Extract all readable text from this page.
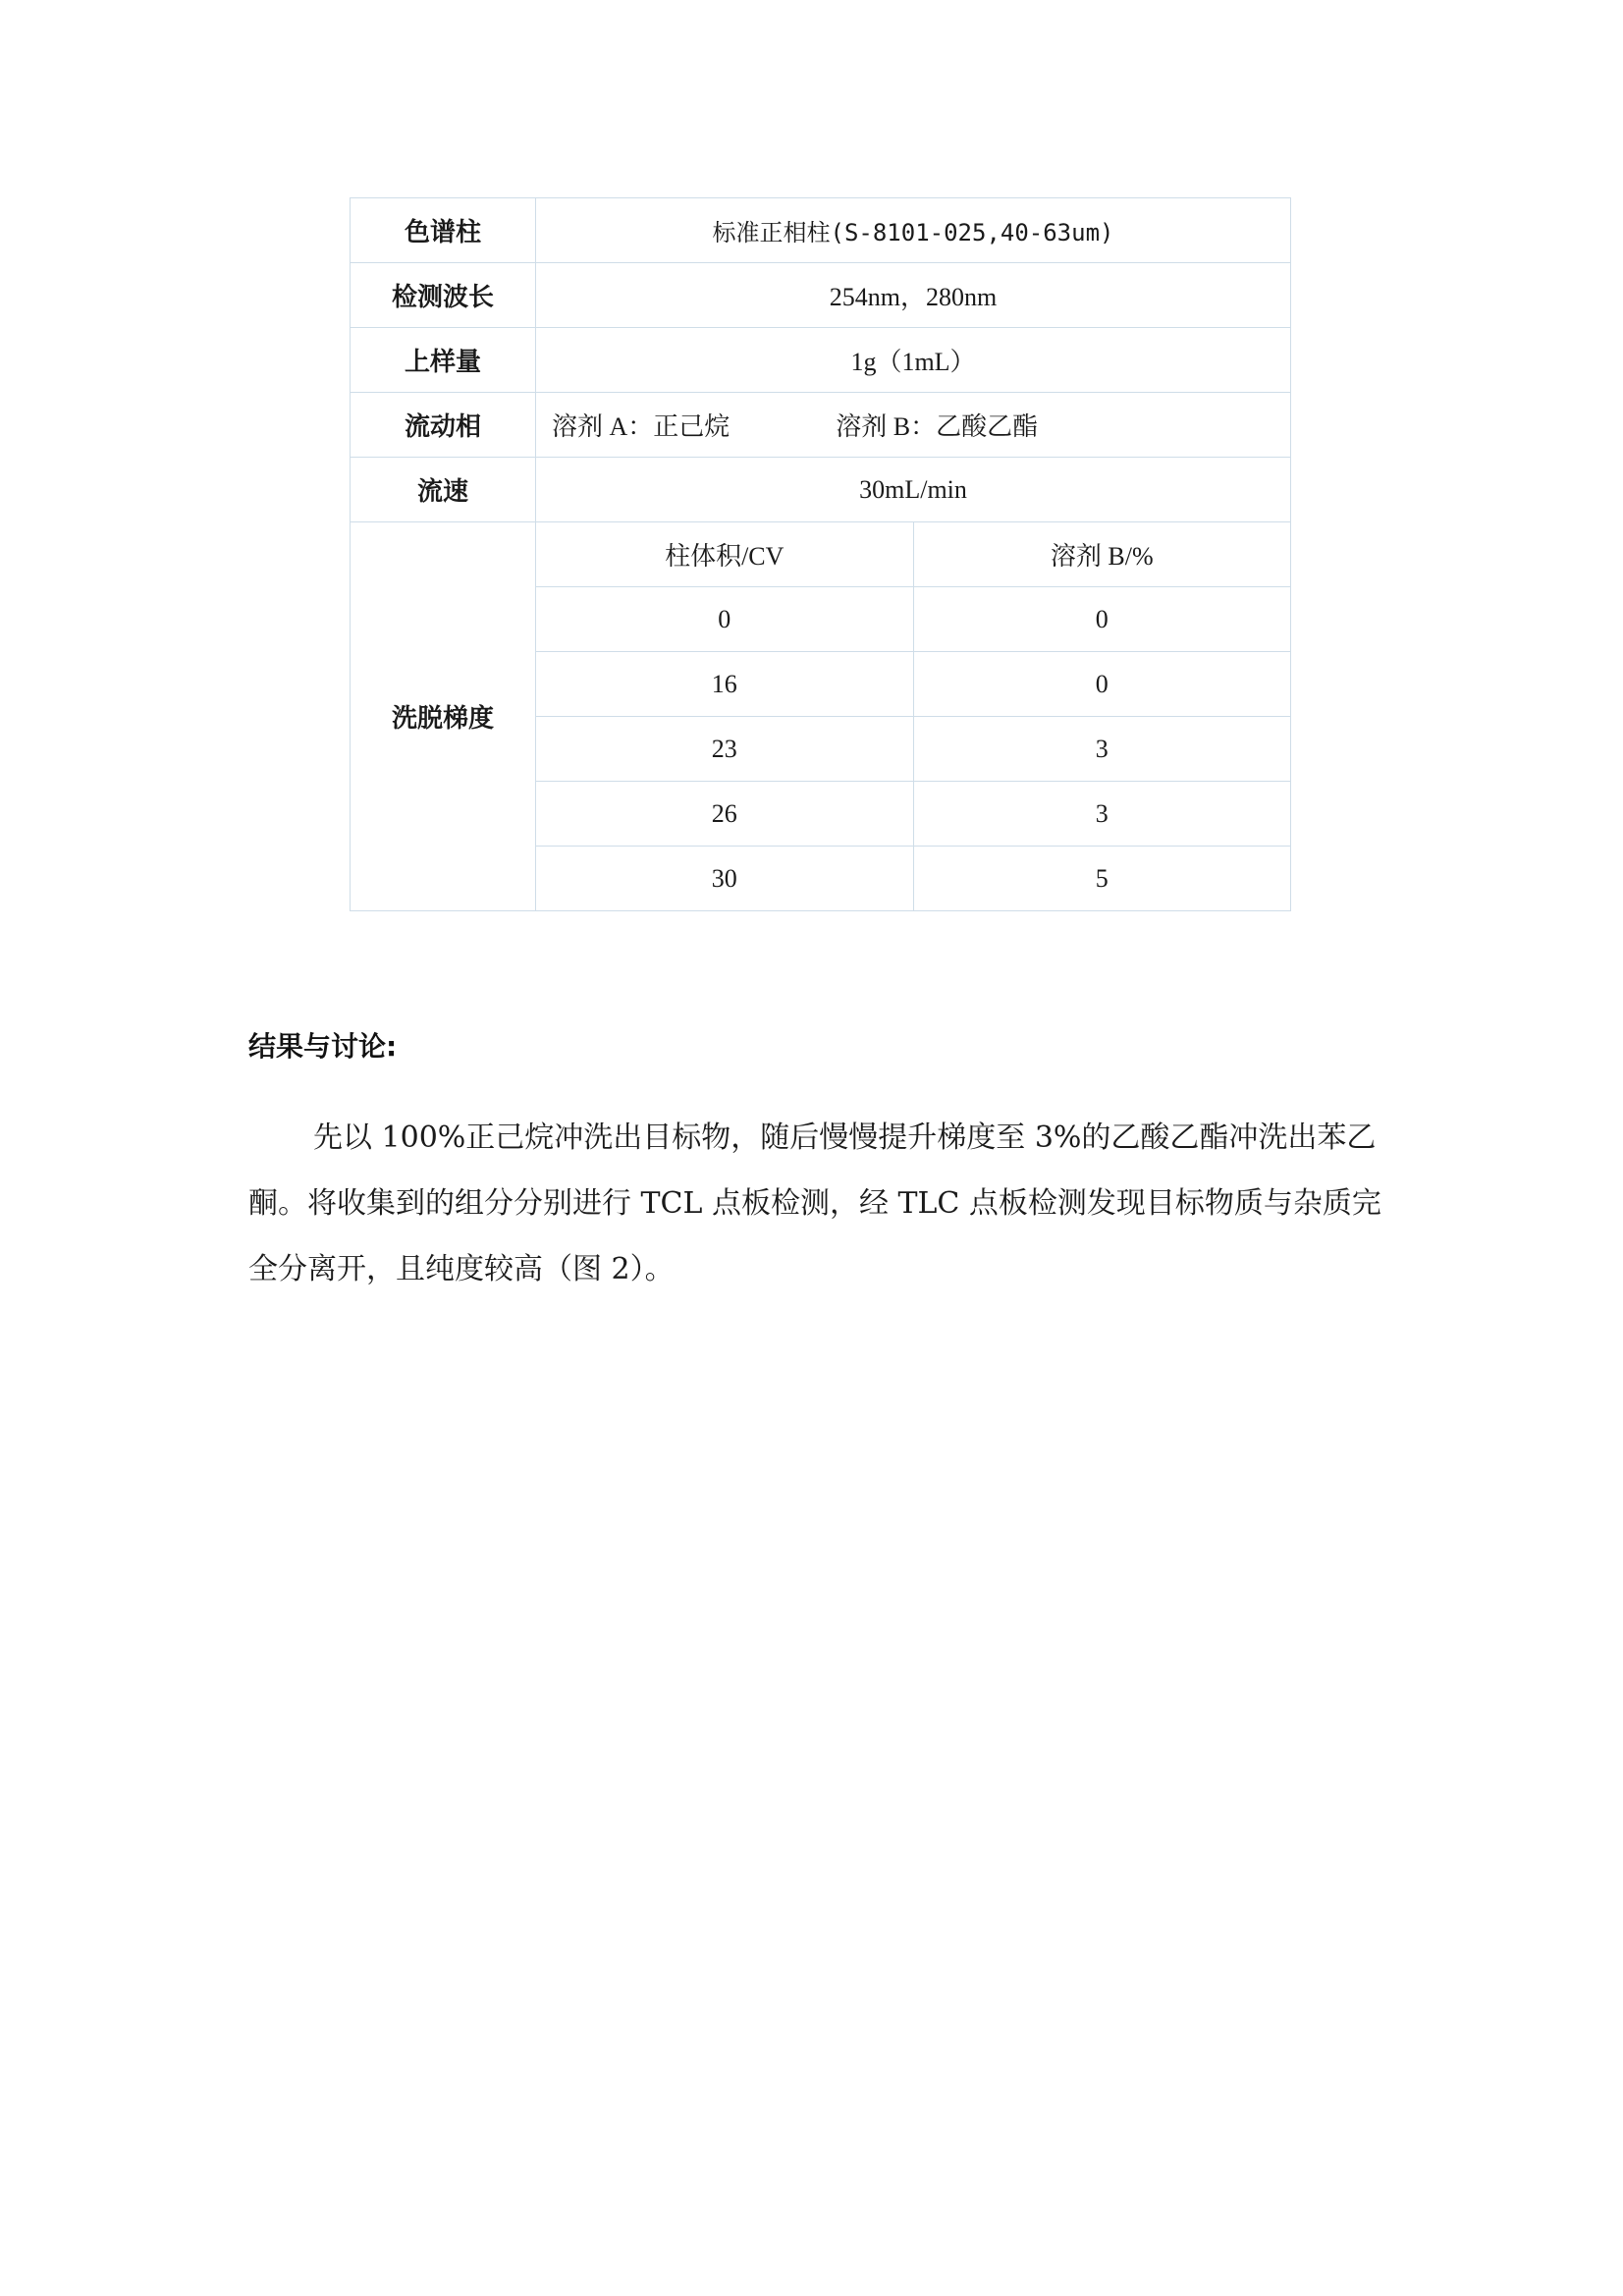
色谱柱	标准正相柱(S-8101-025,40-63um)	
检测波长	254nm，280nm	
上样量	1g（1mL）	
流动相	溶剂 A：正己烷 溶剂 B：乙酸乙酯	
流速	30mL/min	
洗脱梯度	柱体积/CV	溶剂 B/%
	0	0
	16	0
	23	3
	26	3
	30	5
结果与讨论:

先以 100%正己烷冲洗出目标物，随后慢慢提升梯度至 3%的乙酸乙酯冲洗出苯乙酮。将收集到的组分分别进行 TCL 点板检测，经 TLC 点板检测发现目标物质与杂质完全分离开，且纯度较高（图 2）。
